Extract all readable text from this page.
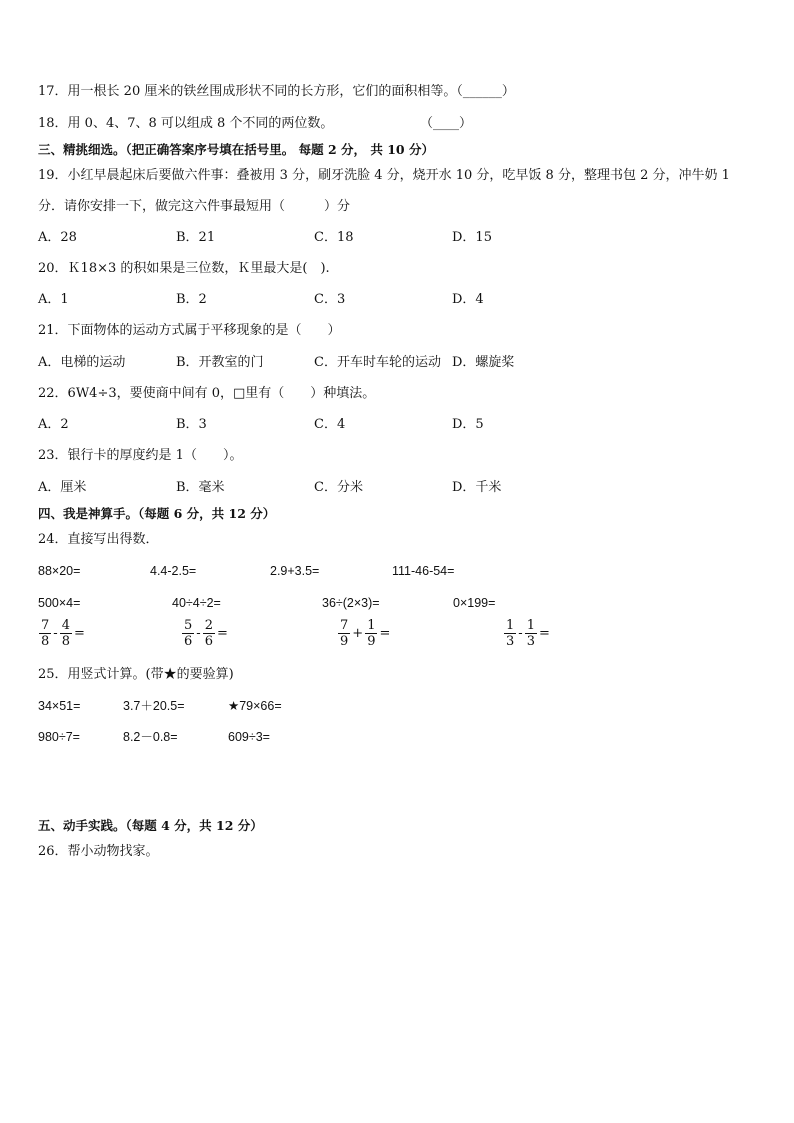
17．用一根长 20 厘米的铁丝围成形状不同的长方形，它们的面积相等。（______）
18．用 0、4、7、8 可以组成 8 个不同的两位数。	（____）
三、精挑细选。（把正确答案序号填在括号里。 每题 2 分， 共 10 分）
19．小红早晨起床后要做六件事：叠被用 3 分，刷牙洗脸 4 分，烧开水 10 分，吃早饭 8 分，整理书包 2 分，冲牛奶 1
分．请你安排一下，做完这六件事最短用（　　　）分
A．28	B．21	C．18	D．15
20．Ｋ18×3 的积如果是三位数，Ｋ里最大是(　).
A．1	B．2	C．3	D．4
21．下面物体的运动方式属于平移现象的是（　　）
A．电梯的运动	B．开教室的门	C．开车时车轮的运动 D．螺旋桨
22．6W4÷3，要使商中间有 0，□里有（　　）种填法。
A．2	B．3	C．4	D．5
23．银行卡的厚度约是 1（　　）。
A．厘米	B．毫米	C．分米	D．千米
四、我是神算手。（每题 6 分，共 12 分）
24．直接写出得数．
88×20=	4.4-2.5=	2.9+3.5=	111-46-54=
500×4=	40÷4÷2=	36÷(2×3)=	0×199=
$\frac{7}{8} - \frac{4}{8}$ =	$\frac{5}{6} - \frac{2}{6}$ =	$\frac{7}{9} + \frac{1}{9}$ =	$\frac{1}{3} - \frac{1}{3}$ =
25．用竖式计算。(带★的要验算)
34×51=	3.7＋20.5=	★79×66=
980÷7=	8.2－0.8=	609÷3=
五、动手实践。（每题 4 分，共 12 分）
26．帮小动物找家。
